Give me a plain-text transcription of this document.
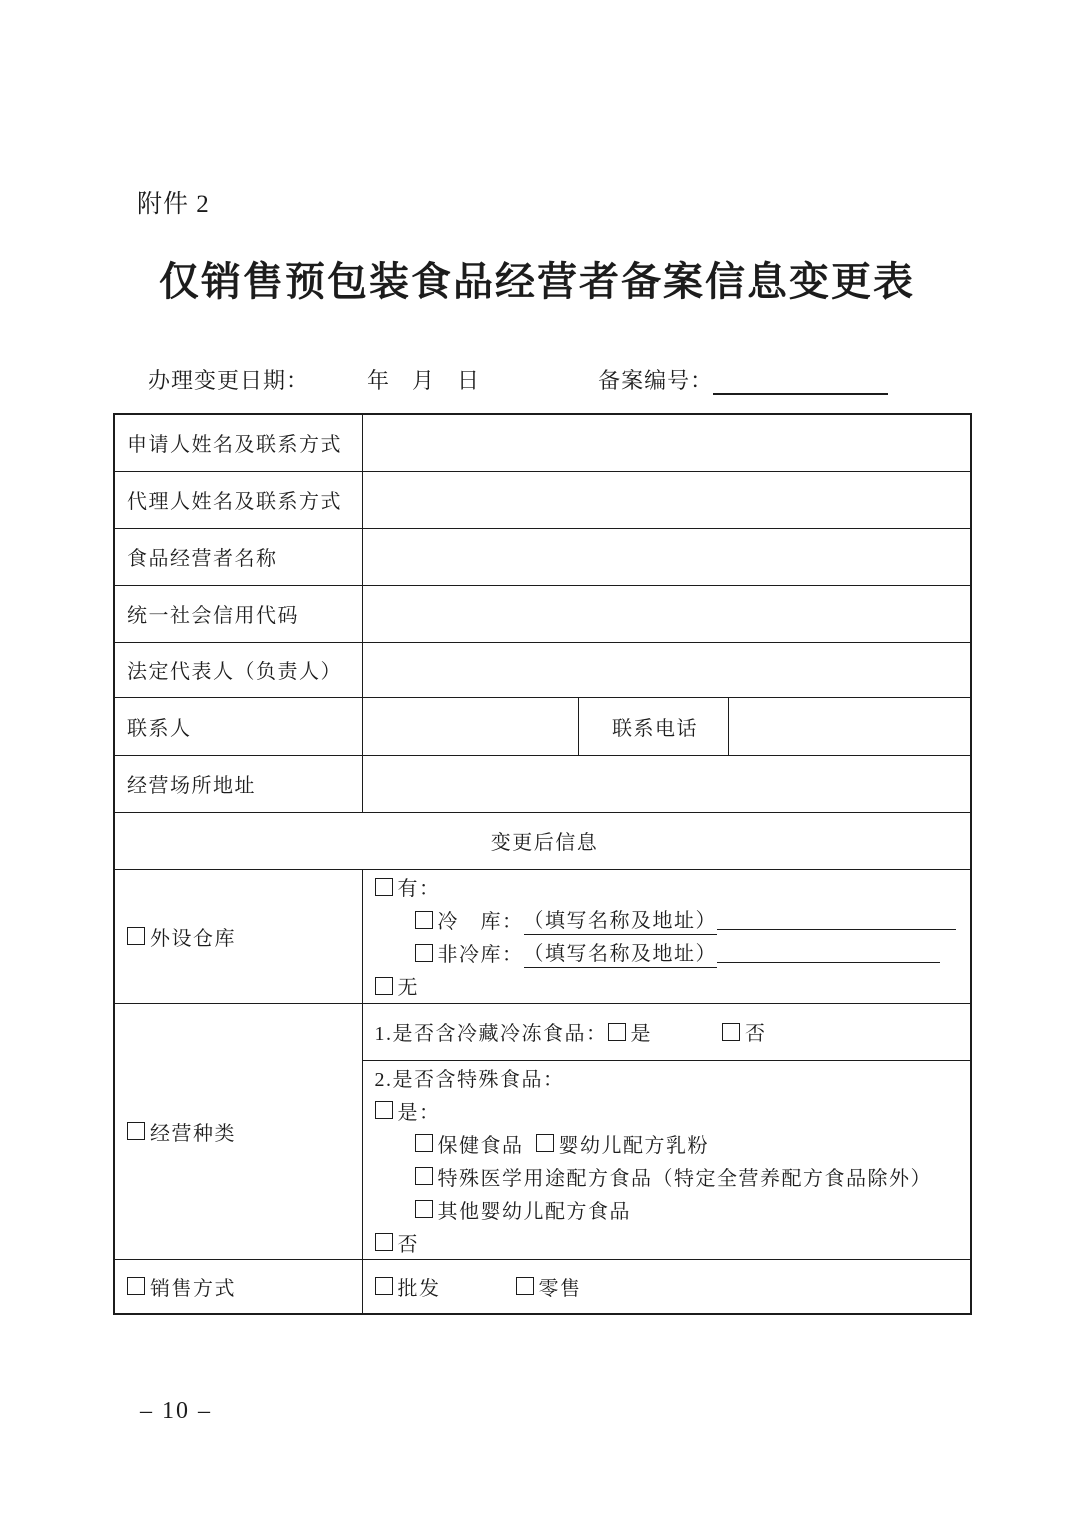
附件 2
仅销售预包装食品经营者备案信息变更表
办理变更日期：	年 月 日	备案编号：
申请人姓名及联系方式			
代理人姓名及联系方式			
食品经营者名称			
统一社会信用代码			
法定代表人（负责人）			
联系人		联系电话	
经营场所地址			
变更后信息			

外设仓库

有：
冷　库： （填写名称及地址）
非冷库： （填写名称及地址）
无

经营种类	1.是否含冷藏冷冻食品： 是 否		

2.是否含特殊食品：
是：
保健食品 婴幼儿配方乳粉
特殊医学用途配方食品（特定全营养配方食品除外）
其他婴幼儿配方食品
否

销售方式	批发 零售		
– 10 –
